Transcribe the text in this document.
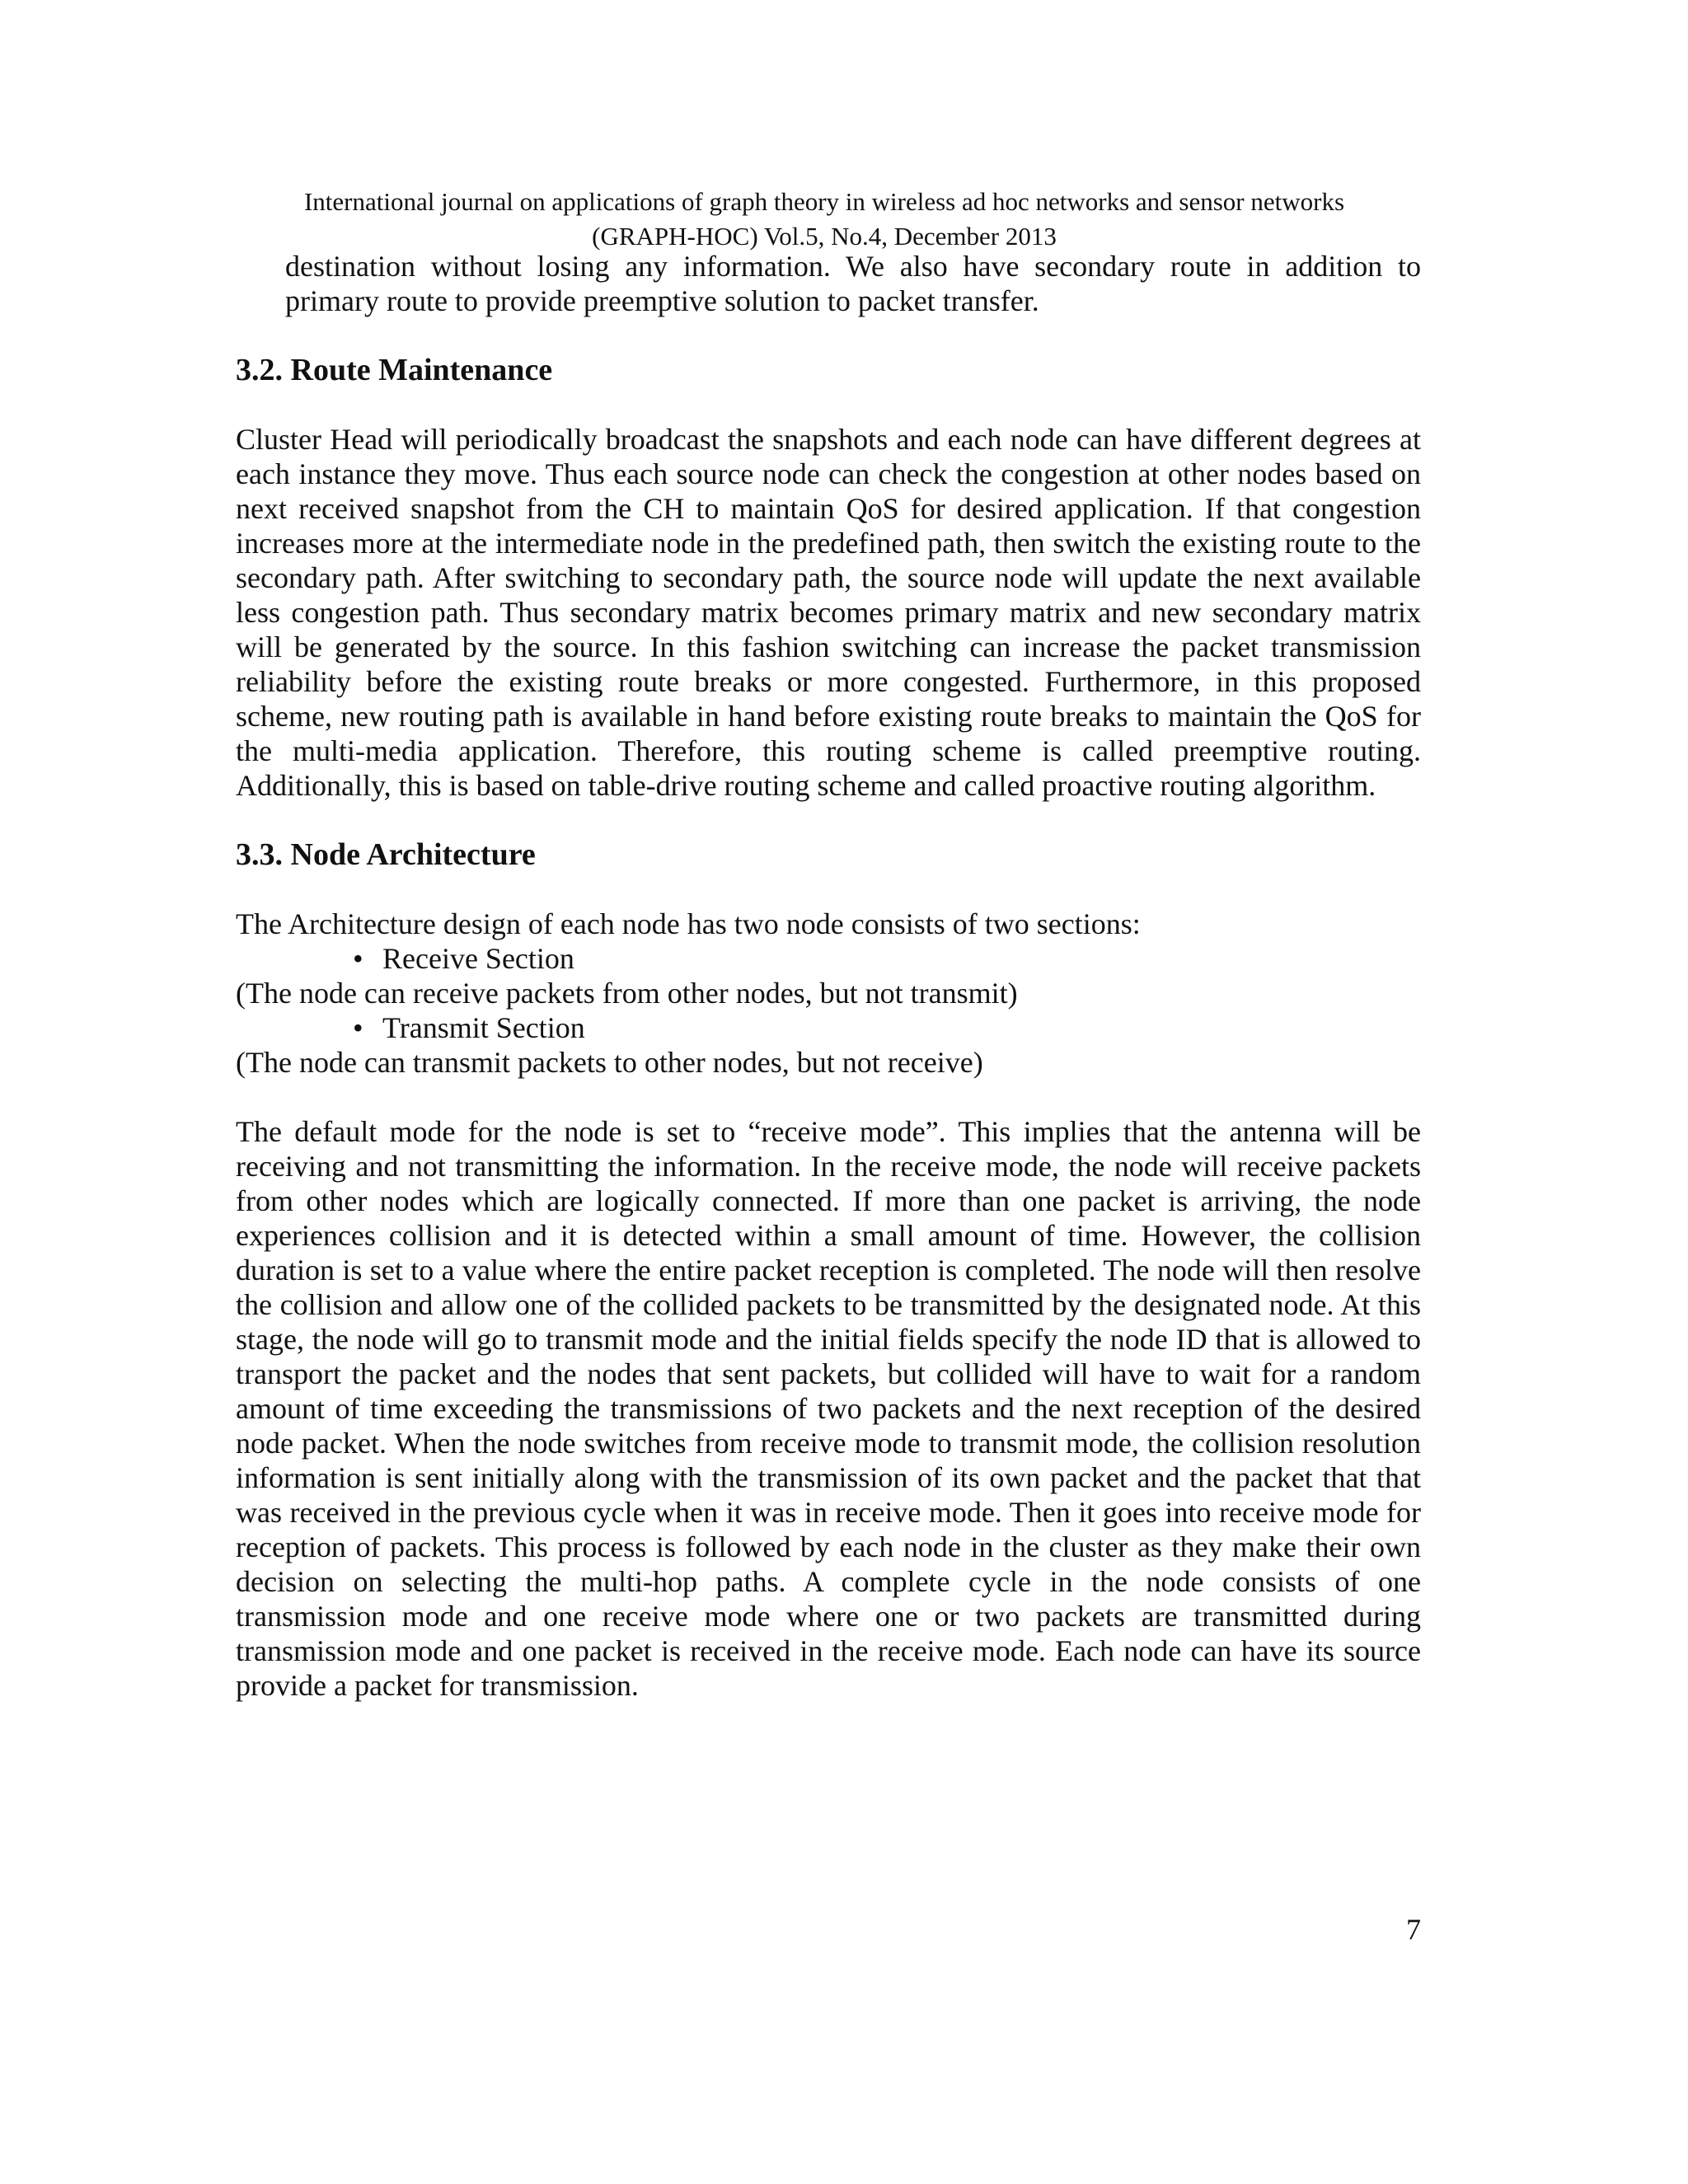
International journal on applications of graph theory in wireless ad hoc networks and sensor networks
(GRAPH-HOC) Vol.5, No.4, December 2013

destination without losing any information. We also have secondary route in addition to primary route to provide preemptive solution to packet transfer.

3.2. Route Maintenance

Cluster Head will periodically broadcast the snapshots and each node can have different degrees at each instance they move. Thus each source node can check the congestion at other nodes based on next received snapshot from the CH to maintain QoS for desired application. If that congestion increases more at the intermediate node in the predefined path, then switch the existing route to the secondary path. After switching to secondary path, the source node will update the next available less congestion path. Thus secondary matrix becomes primary matrix and new secondary matrix will be generated by the source. In this fashion switching can increase the packet transmission reliability before the existing route breaks or more congested. Furthermore, in this proposed scheme, new routing path is available in hand before existing route breaks to maintain the QoS for the multi-media application. Therefore, this routing scheme is called preemptive routing. Additionally, this is based on table-drive routing scheme and called proactive routing algorithm.

3.3. Node Architecture

The Architecture design of each node has two node consists of two sections:

• Receive Section
(The node can receive packets from other nodes, but not transmit)
• Transmit Section
(The node can transmit packets to other nodes, but not receive)

The default mode for the node is set to “receive mode”. This implies that the antenna will be receiving and not transmitting the information. In the receive mode, the node will receive packets from other nodes which are logically connected. If more than one packet is arriving, the node experiences collision and it is detected within a small amount of time. However, the collision duration is set to a value where the entire packet reception is completed. The node will then resolve the collision and allow one of the collided packets to be transmitted by the designated node. At this stage, the node will go to transmit mode and the initial fields specify the node ID that is allowed to transport the packet and the nodes that sent packets, but collided will have to wait for a random amount of time exceeding the transmissions of two packets and the next reception of the desired node packet. When the node switches from receive mode to transmit mode, the collision resolution information is sent initially along with the transmission of its own packet and the packet that that was received in the previous cycle when it was in receive mode. Then it goes into receive mode for reception of packets. This process is followed by each node in the cluster as they make their own decision on selecting the multi-hop paths. A complete cycle in the node consists of one transmission mode and one receive mode where one or two packets are transmitted during transmission mode and one packet is received in the receive mode. Each node can have its source provide a packet for transmission.

7
